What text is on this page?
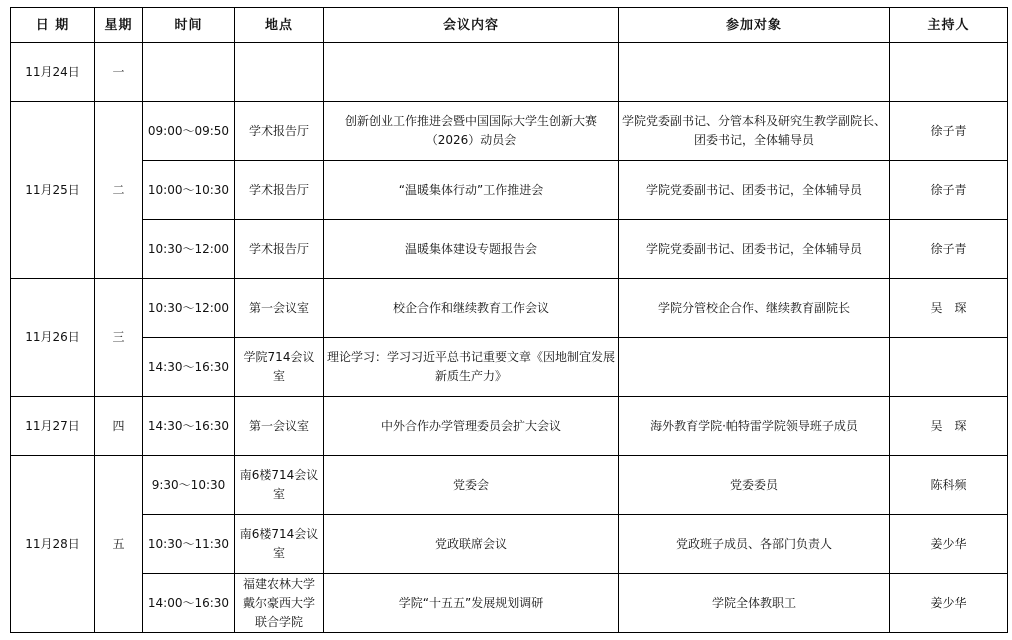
日 期	星期	时间	地点	会议内容	参加对象	主持人
11月24日	一					
11月25日	二	09:00～09:50	学术报告厅	创新创业工作推进会暨中国国际大学生创新大赛（2026）动员会	学院党委副书记、分管本科及研究生教学副院长、团委书记，全体辅导员	徐子青
		10:00～10:30	学术报告厅	“温暖集体行动”工作推进会	学院党委副书记、团委书记，全体辅导员	徐子青
		10:30～12:00	学术报告厅	温暖集体建设专题报告会	学院党委副书记、团委书记，全体辅导员	徐子青
11月26日	三	10:30～12:00	第一会议室	校企合作和继续教育工作会议	学院分管校企合作、继续教育副院长	吴　琛
		14:30～16:30	学院714会议室	理论学习：学习习近平总书记重要文章《因地制宜发展新质生产力》		
11月27日	四	14:30～16:30	第一会议室	中外合作办学管理委员会扩大会议	海外教育学院·帕特雷学院领导班子成员	吴　琛
11月28日	五	9:30～10:30	南6楼714会议室	党委会	党委委员	陈科频
		10:30～11:30	南6楼714会议室	党政联席会议	党政班子成员、各部门负责人	姜少华
		14:00～16:30	福建农林大学戴尔豪西大学联合学院	学院“十五五”发展规划调研	学院全体教职工	姜少华
